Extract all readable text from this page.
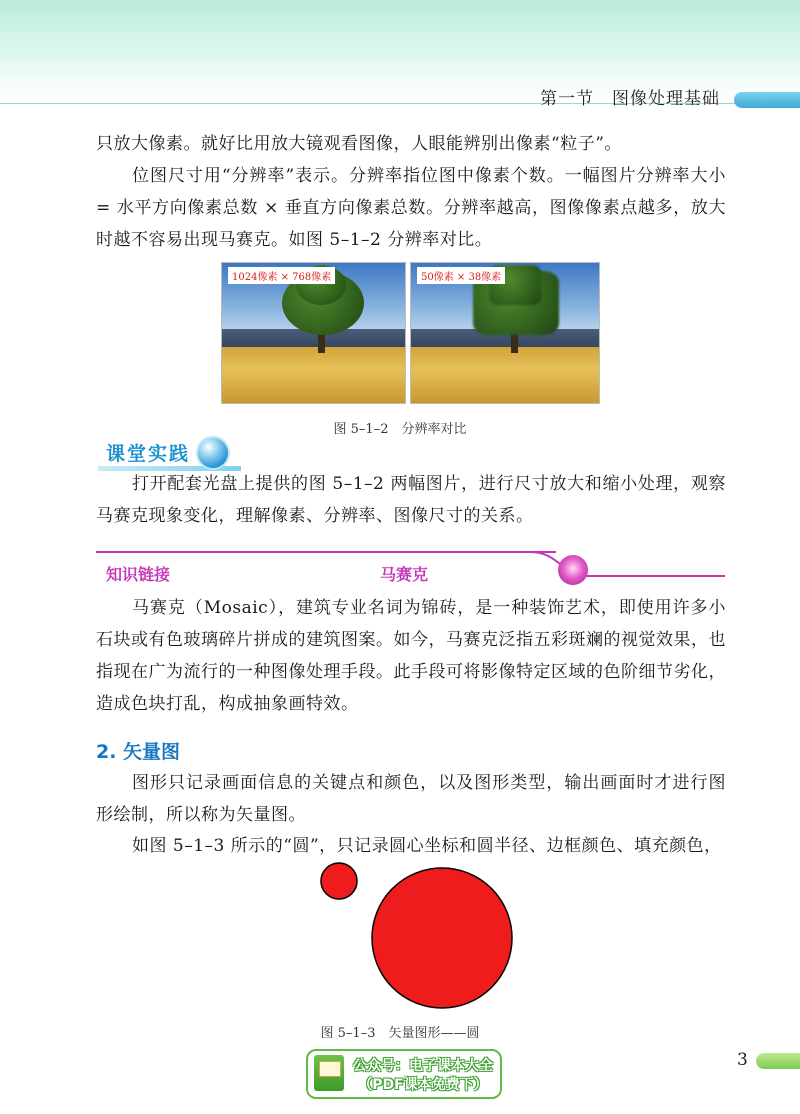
第一节　图像处理基础

只放大像素。就好比用放大镜观看图像，人眼能辨别出像素“粒子”。

位图尺寸用“分辨率”表示。分辨率指位图中像素个数。一幅图片分辨率大小 = 水平方向像素总数 × 垂直方向像素总数。分辨率越高，图像像素点越多，放大时越不容易出现马赛克。如图 5–1–2 分辨率对比。

1024像素 × 768像素	50像素 × 38像素
图 5–1–2　分辨率对比
课堂实践

打开配套光盘上提供的图 5–1–2 两幅图片，进行尺寸放大和缩小处理，观察马赛克现象变化，理解像素、分辨率、图像尺寸的关系。

知识链接	马赛克

马赛克（Mosaic），建筑专业名词为锦砖，是一种装饰艺术，即使用许多小石块或有色玻璃碎片拼成的建筑图案。如今，马赛克泛指五彩斑斓的视觉效果，也指现在广为流行的一种图像处理手段。此手段可将影像特定区域的色阶细节劣化，造成色块打乱，构成抽象画特效。

2. 矢量图

图形只记录画面信息的关键点和颜色，以及图形类型，输出画面时才进行图形绘制，所以称为矢量图。

如图 5–1–3 所示的“圆”，只记录圆心坐标和圆半径、边框颜色、填充颜色，

图 5–1–3　矢量图形——圆
3
公众号：电子课本大全
（PDF课本免费下）
